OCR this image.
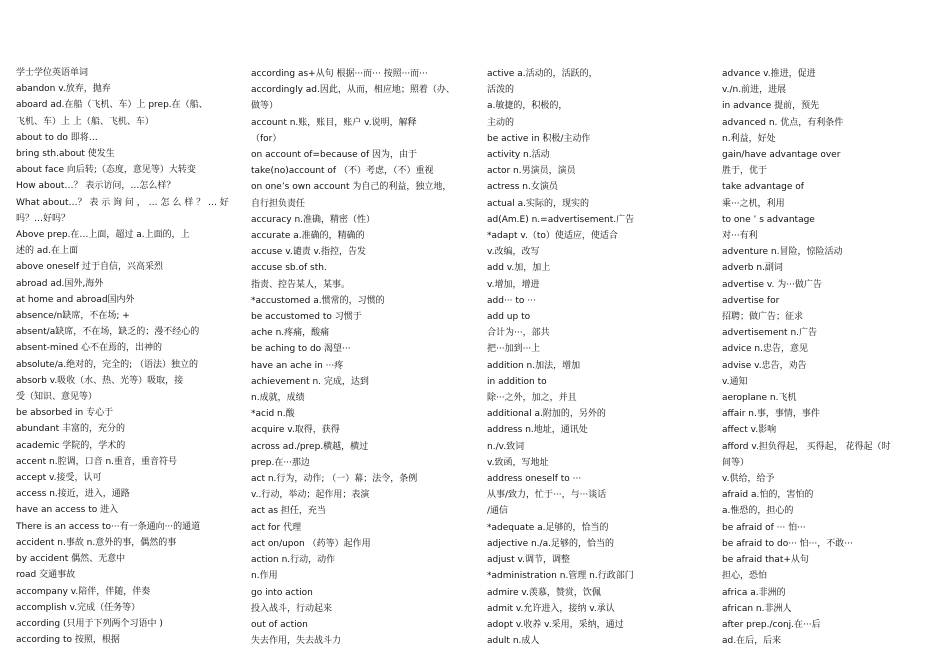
学士学位英语单词
abandon v.放弃，抛弃
aboard ad.在船（飞机、车）上 prep.在（船、
飞机、车）上 上（船、飞机、车）
about to do 即将…
bring sth.about 使发生
about face 向后转;（态度，意见等）大转变
How about…？ 表示访问，…怎么样？
What about…？ 表 示 询 问 ， … 怎 么 样 ？ … 好
吗？…好吗？
Above prep.在…上面，超过 a.上面的，上
述的 ad.在上面
above oneself 过于自信，兴高采烈
abroad ad.国外,海外
at home and abroad国内外
absence/n缺席，不在场; +
absent/a缺席，不在场，缺乏的；漫不经心的
absent-mined 心不在焉的，出神的
absolute/a.绝对的，完全的; （语法）独立的
absorb v.吸收（水、热、光等）吸取，接
受（知识、意见等）
be absorbed in 专心于
abundant 丰富的，充分的
academic 学院的，学术的
accent n.腔调，口音 n.重音，重音符号
accept v.接受，认可
access n.接近，进入，通路
have an access to 进入
There is an access to···有一条通向···的通道
accident n.事故 n.意外的事，偶然的事
by accident 偶然、无意中
road 交通事故
accompany v.陪伴，伴随，伴奏
accomplish v.完成（任务等）
according (只用于下列两个习语中 )
according to 按照，根据
according as+从句 根据···而··· 按照···而···
accordingly ad.因此，从而，相应地；照着（办、
做等）
account n.账，账目，账户 v.说明，解释
（for）
on account of=because of 因为，由于
take(no)account of （不）考虑，（不）重视
on one’s own account 为自己的利益，独立地，
自行担负责任
accuracy n.准确，精密（性）
accurate a.准确的，精确的
accuse v.谴责 v.指控，告发
accuse sb.of sth.
指责、控告某人，某事。
*accustomed a.惯常的，习惯的
be accustomed to 习惯于
ache n.疼痛，酸痛
be aching to do 渴望···
have an ache in ···疼
achievement n. 完成，达到
n.成就，成绩
*acid n.酸
acquire v.取得，获得
across ad./prep.横越，横过
prep.在···那边
act n.行为，动作; （一）幕；法令，条例
v..行动，举动；起作用；表演
act as 担任，充当
act for 代理
act on/upon （药等）起作用
action n.行动，动作
n.作用
go into action
投入战斗，行动起来
out of action
失去作用，失去战斗力
active a.活动的，活跃的，
活泼的
a.敏捷的，积极的，
主动的
be active in 积极/主动作
activity n.活动
actor n.男演员，演员
actress n.女演员
actual a.实际的，现实的
ad(Am.E) n.=advertisement.广告
*adapt v.（to）使适应，使适合
v.改编，改写
add v.加，加上
v.增加，增进
add··· to ···
add up to
合计为···，部共
把···加到···上
addition n.加法，增加
in addition to
除···之外，加之，并且
additional a.附加的，另外的
address n.地址，通讯处
n./v.致词
v.致函，写地址
address oneself to ···
从事/致力，忙于···，与···谈话
/通信
*adequate a.足够的，恰当的
adjective n./a.足够的，恰当的
adjust v.调节，调整
*administration n.管理 n.行政部门
admire v.羡慕，赞赏，饮佩
admit v.允许进入，接纳 v.承认
adopt v.收养 v.采用，采纳，通过
adult n.成人
advance v.推进，促进
v./n.前进，进展
in advance 提前，预先
advanced n. 优点，有利条件
n.利益，好处
gain/have advantage over
胜于，优于
take advantage of
乘···之机，利用
to one ’ s advantage
对···有利
adventure n.冒险，惊险活动
adverb n.副词
advertise v. 为···做广告
advertise for
招聘；做广告；征求
advertisement n.广告
advice n.忠告，意见
advise v.忠告，劝告
v.通知
aeroplane n.飞机
affair n.事，事情，事件
affect v.影响
afford v.担负得起， 买得起， 花得起（时
间等）
v.供给，给予
afraid a.怕的，害怕的
a.惟恐的，担心的
be afraid of ··· 怕···
be afraid to do··· 怕···，不敢···
be afraid that+从句
担心，恐怕
africa a.非洲的
african n.非洲人
after prep./conj.在···后
ad.在后，后来
